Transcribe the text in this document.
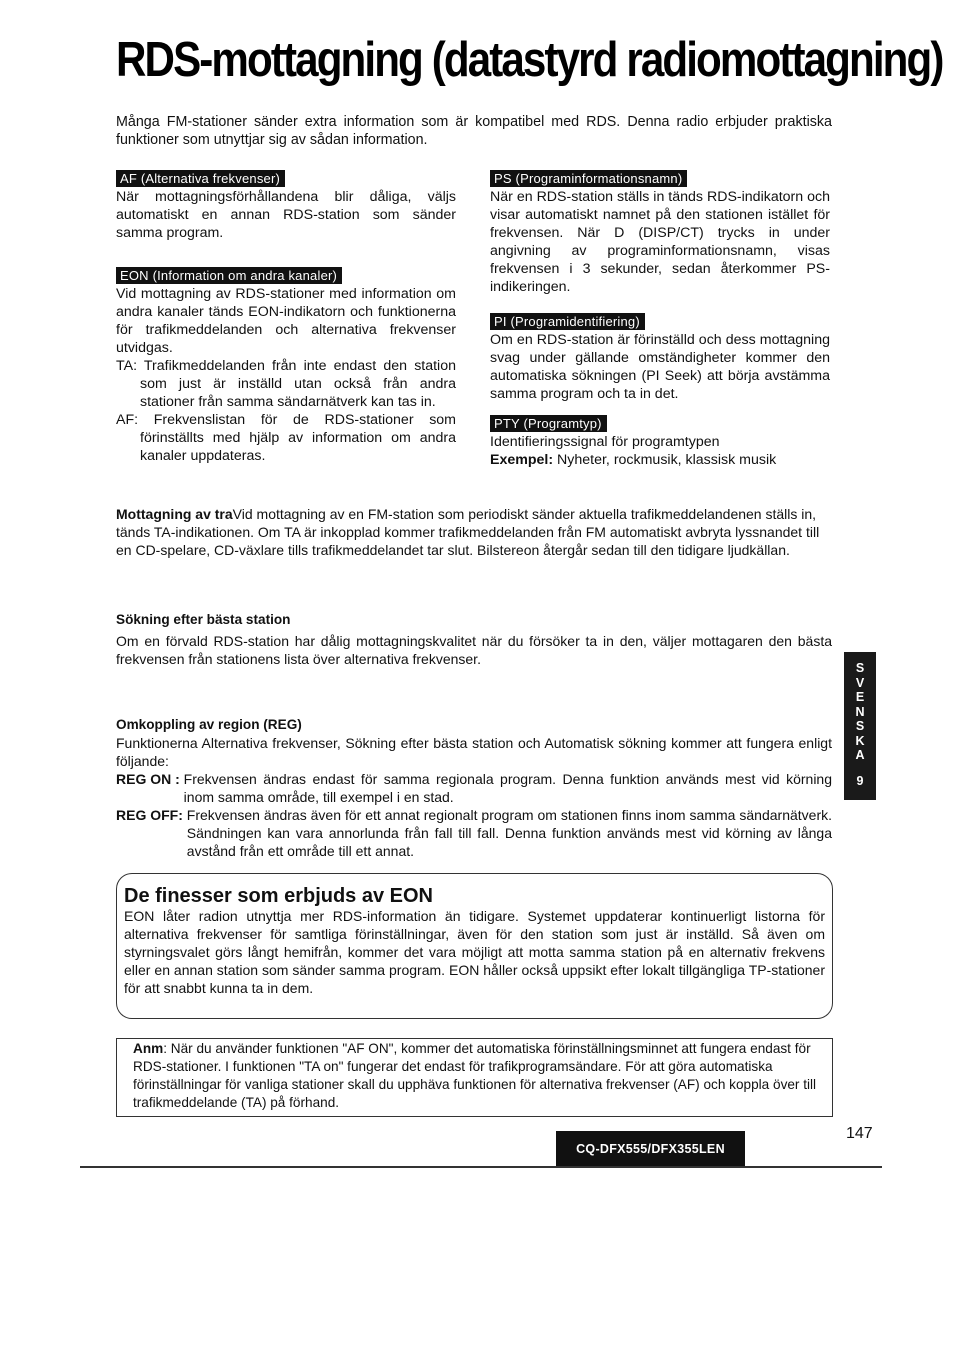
RDS-mottagning (datastyrd radiomottagning)
Många FM-stationer sänder extra information som är kompatibel med RDS. Denna radio erbjuder praktiska funktioner som utnyttjar sig av sådan information.
AF (Alternativa frekvenser)

När mottagningsförhållandena blir dåliga, väljs automatiskt en annan RDS-station som sänder samma program.

EON (Information om andra kanaler)

Vid mottagning av RDS-stationer med information om andra kanaler tänds EON-indikatorn och funktionerna för trafikmeddelanden och alternativa frekvenser utvidgas.

TA: Trafikmeddelanden från inte endast den station som just är inställd utan också från andra stationer från samma sändarnätverk kan tas in.

AF: Frekvenslistan för de RDS-stationer som förinställts med hjälp av information om andra kanaler uppdateras.

PS (Programinformationsnamn)

När en RDS-station ställs in tänds RDS-indikatorn och visar automatiskt namnet på den stationen istället för frekvensen. När D (DISP/CT) trycks in under angivning av programinformationsnamn, visas frekvensen i 3 sekunder, sedan återkommer PS-indikeringen.

PI (Programidentifiering)

Om en RDS-station är förinställd och dess mottagning svag under gällande omständigheter kommer den automatiska sökningen (PI Seek) att börja avstämma samma program och ta in det.

PTY (Programtyp)

Identifieringssignal för programtypen

Exempel: Nyheter, rockmusik, klassisk musik

Mottagning av traVid mottagning av en FM-station som periodiskt sänder aktuella trafikmeddelandenen ställs in, tänds TA-indikationen. Om TA är inkopplad kommer trafikmeddelanden från FM automatiskt avbryta lyssnandet till en CD-spelare, CD-växlare tills trafikmeddelandet tar slut. Bilstereon återgår sedan till den tidigare ljudkällan.
Sökning efter bästa station
Om en förvald RDS-station har dålig mottagningskvalitet när du försöker ta in den, väljer mottagaren den bästa frekvensen från stationens lista över alternativa frekvenser.
Omkoppling av region (REG)
Funktionerna Alternativa frekvenser, Sökning efter bästa station och Automatisk sökning kommer att fungera enligt följande:
REG ON : Frekvensen ändras endast för samma regionala program. Denna funktion används mest vid körning inom samma område, till exempel i en stad.
REG OFF: Frekvensen ändras även för ett annat regionalt program om stationen finns inom samma sändarnätverk. Sändningen kan vara annorlunda från fall till fall. Denna funktion används mest vid körning av långa avstånd från ett område till ett annat.
S
V
E
N
S
K
A
9
De finesser som erbjuds av EON
EON låter radion utnyttja mer RDS-information än tidigare. Systemet uppdaterar kontinuerligt listorna för alternativa frekvenser för samtliga förinställningar, även för den station som just är inställd. Så även om styrningsvalet görs långt hemifrån, kommer det vara möjligt att motta samma station på en alternativ frekvens eller en annan station som sänder samma program. EON håller också uppsikt efter lokalt tillgängliga TP-stationer för att snabbt kunna ta in dem.
Anm: När du använder funktionen "AF ON", kommer det automatiska förinställningsminnet att fungera endast för RDS-stationer. I funktionen "TA on" fungerar det endast för trafikprogramsändare. För att göra automatiska förinställningar för vanliga stationer skall du upphäva funktionen för alternativa frekvenser (AF) och koppla över till trafikmeddelande (TA) på förhand.
CQ-DFX555/DFX355LEN
147
